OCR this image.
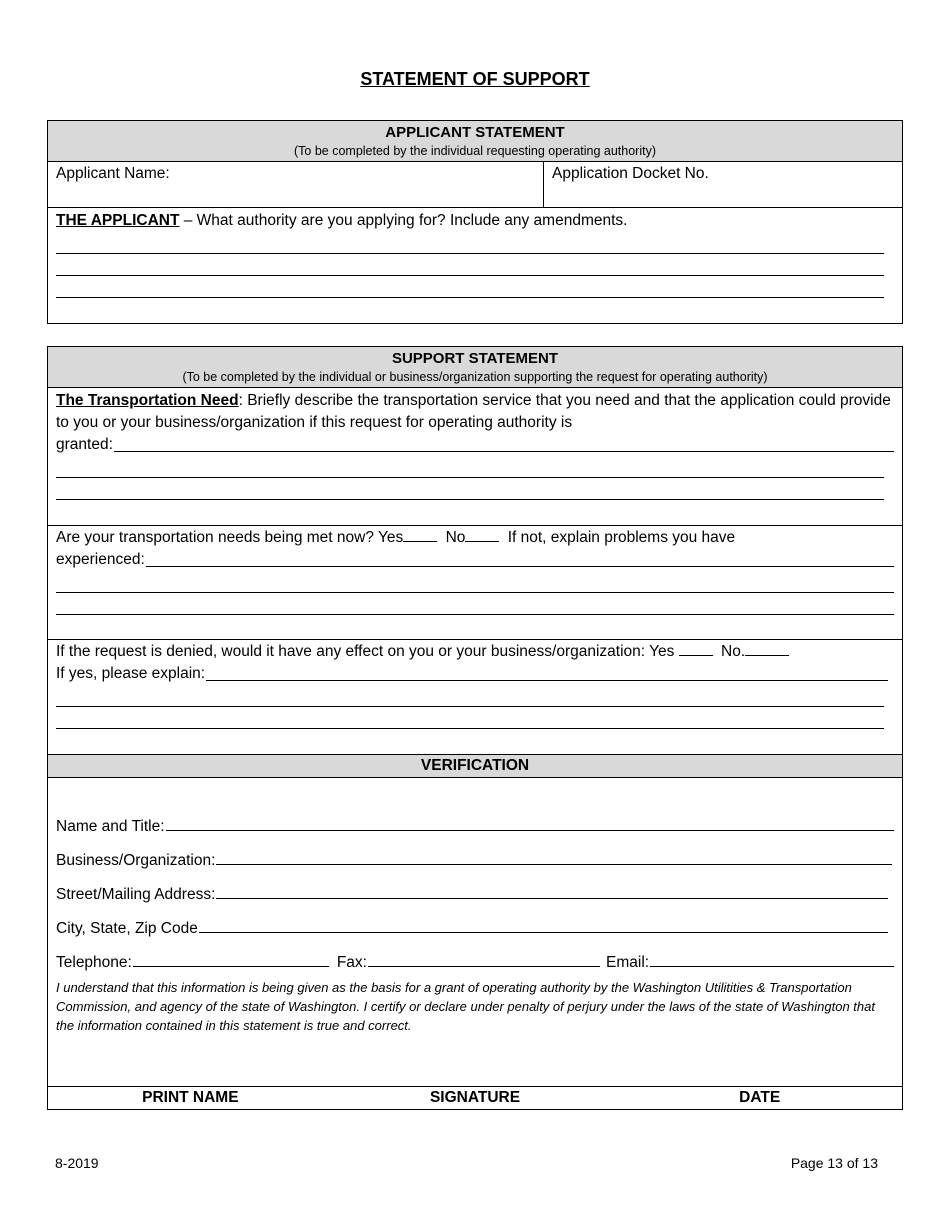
STATEMENT OF SUPPORT
APPLICANT STATEMENT
(To be completed by the individual requesting operating authority)
Applicant Name:	Application Docket No.
THE APPLICANT – What authority are you applying for? Include any amendments.
SUPPORT STATEMENT
(To be completed by the individual or business/organization supporting the request for operating authority)
The Transportation Need: Briefly describe the transportation service that you need and that the application could provide to you or your business/organization if this request for operating authority is
granted:
Are your transportation needs being met now? Yes No If not, explain problems you have
experienced:
If the request is denied, would it have any effect on you or your business/organization: Yes	No.
If yes, please explain:
VERIFICATION
Name and Title:
Business/Organization:
Street/Mailing Address:
City, State, Zip Code
Telephone:	Fax:	Email:
I understand that this information is being given as the basis for a grant of operating authority by the Washington Utilitities & Transportation Commission, and agency of the state of Washington. I certify or declare under penalty of perjury under the laws of the state of Washington that the information contained in this statement is true and correct.
PRINT NAME	SIGNATURE	DATE
8-2019	Page 13 of 13
